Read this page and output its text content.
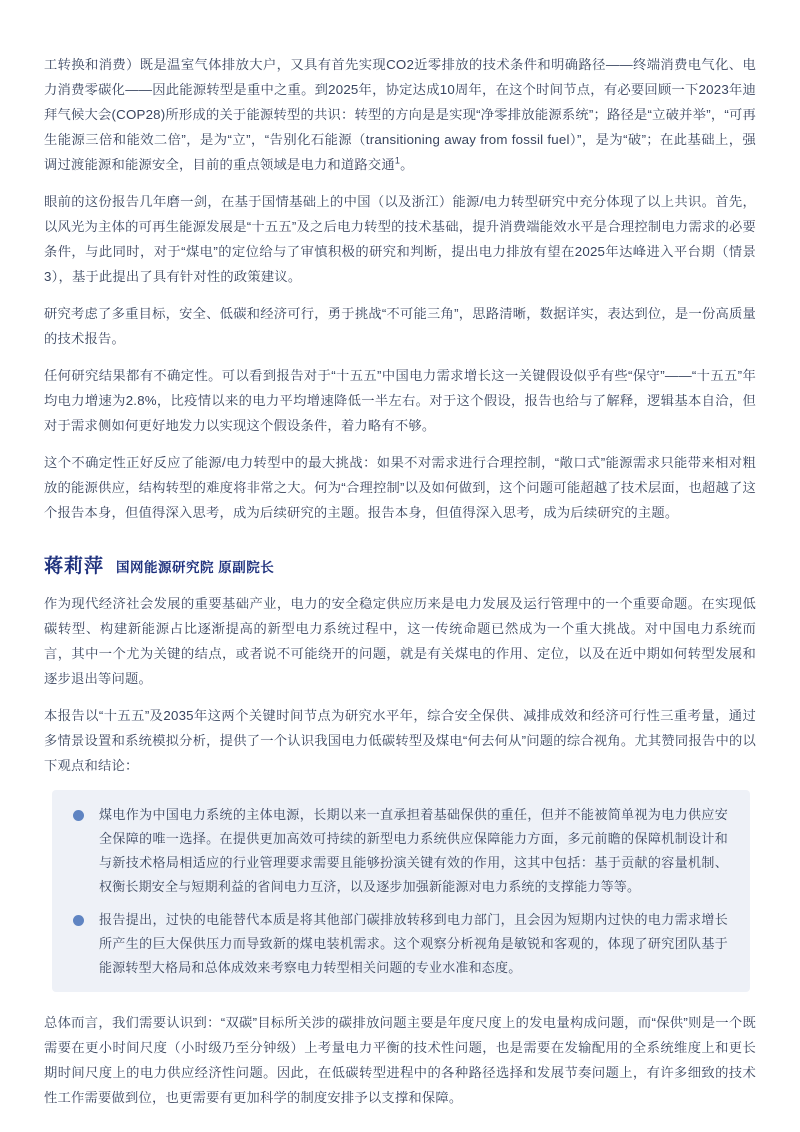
工转换和消费）既是温室气体排放大户，又具有首先实现CO2近零排放的技术条件和明确路径——终端消费电气化、电力消费零碳化——因此能源转型是重中之重。到2025年，协定达成10周年，在这个时间节点，有必要回顾一下2023年迪拜气候大会(COP28)所形成的关于能源转型的共识：转型的方向是是实现“净零排放能源系统”；路径是“立破并举”，“可再生能源三倍和能效二倍”，是为“立”，“告别化石能源（transitioning away from fossil fuel）”，是为“破”；在此基础上，强调过渡能源和能源安全，目前的重点领域是电力和道路交通$^1$。

眼前的这份报告几年磨一剑，在基于国情基础上的中国（以及浙江）能源/电力转型研究中充分体现了以上共识。首先，以风光为主体的可再生能源发展是“十五五”及之后电力转型的技术基础，提升消费端能效水平是合理控制电力需求的必要条件，与此同时，对于“煤电”的定位给与了审慎积极的研究和判断，提出电力排放有望在2025年达峰进入平台期（情景3），基于此提出了具有针对性的政策建议。

研究考虑了多重目标，安全、低碳和经济可行，勇于挑战“不可能三角”，思路清晰，数据详实，表达到位，是一份高质量的技术报告。

任何研究结果都有不确定性。可以看到报告对于“十五五”中国电力需求增长这一关键假设似乎有些“保守”——“十五五”年均电力增速为2.8%，比疫情以来的电力平均增速降低一半左右。对于这个假设，报告也给与了解释，逻辑基本自洽，但对于需求侧如何更好地发力以实现这个假设条件，着力略有不够。

这个不确定性正好反应了能源/电力转型中的最大挑战：如果不对需求进行合理控制，“敞口式”能源需求只能带来相对粗放的能源供应，结构转型的难度将非常之大。何为“合理控制”以及如何做到，这个问题可能超越了技术层面，也超越了这个报告本身，但值得深入思考，成为后续研究的主题。报告本身，但值得深入思考，成为后续研究的主题。

蒋莉萍 国网能源研究院 原副院长

作为现代经济社会发展的重要基础产业，电力的安全稳定供应历来是电力发展及运行管理中的一个重要命题。在实现低碳转型、构建新能源占比逐渐提高的新型电力系统过程中，这一传统命题已然成为一个重大挑战。对中国电力系统而言，其中一个尤为关键的结点，或者说不可能绕开的问题，就是有关煤电的作用、定位，以及在近中期如何转型发展和逐步退出等问题。

本报告以“十五五”及2035年这两个关键时间节点为研究水平年，综合安全保供、减排成效和经济可行性三重考量，通过多情景设置和系统模拟分析，提供了一个认识我国电力低碳转型及煤电“何去何从”问题的综合视角。尤其赞同报告中的以下观点和结论：

煤电作为中国电力系统的主体电源，长期以来一直承担着基础保供的重任，但并不能被简单视为电力供应安全保障的唯一选择。在提供更加高效可持续的新型电力系统供应保障能力方面，多元前瞻的保障机制设计和与新技术格局相适应的行业管理要求需要且能够扮演关键有效的作用，这其中包括：基于贡献的容量机制、权衡长期安全与短期利益的省间电力互济，以及逐步加强新能源对电力系统的支撑能力等等。
报告提出，过快的电能替代本质是将其他部门碳排放转移到电力部门，且会因为短期内过快的电力需求增长所产生的巨大保供压力而导致新的煤电装机需求。这个观察分析视角是敏锐和客观的，体现了研究团队基于能源转型大格局和总体成效来考察电力转型相关问题的专业水准和态度。

总体而言，我们需要认识到：“双碳”目标所关涉的碳排放问题主要是年度尺度上的发电量构成问题，而“保供”则是一个既需要在更小时间尺度（小时级乃至分钟级）上考量电力平衡的技术性问题，也是需要在发输配用的全系统维度上和更长期时间尺度上的电力供应经济性问题。因此，在低碳转型进程中的各种路径选择和发展节奏问题上，有许多细致的技术性工作需要做到位，也更需要有更加科学的制度安排予以支撑和保障。
